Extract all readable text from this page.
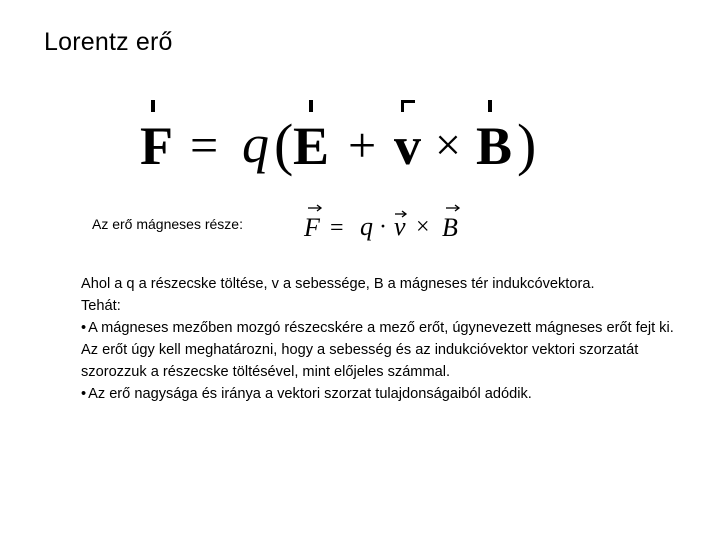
Lorentz erő
F = q ( E + v × B )
Az erő mágneses része: F = q · v × B

Ahol a q a részecske töltése, v a sebessége, B a mágneses tér indukcóvektora.

Tehát:

• A mágneses mezőben mozgó részecskére a mező erőt, úgynevezett mágneses erőt fejt ki. Az erőt úgy kell meghatározni, hogy a sebesség és az indukcióvektor vektori szorzatát szorozzuk a részecske töltésével, mint előjeles számmal.

• Az erő nagysága és iránya a vektori szorzat tulajdonságaiból adódik.
